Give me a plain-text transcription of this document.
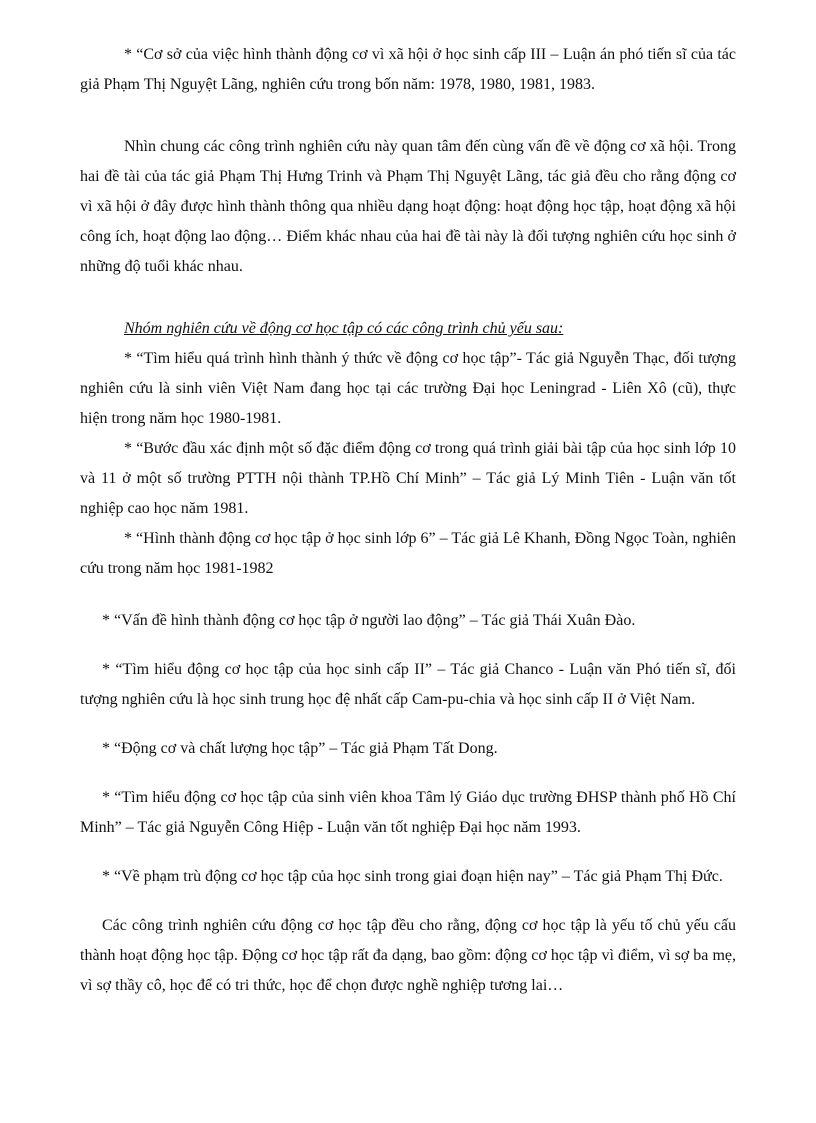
* “Cơ sở của việc hình thành động cơ vì xã hội ở học sinh cấp III – Luận án phó tiến sĩ của tác giả Phạm Thị Nguyệt Lãng, nghiên cứu trong bốn năm: 1978, 1980, 1981, 1983.

Nhìn chung các công trình nghiên cứu này quan tâm đến cùng vấn đề về động cơ xã hội. Trong hai đề tài của tác giả Phạm Thị Hưng Trinh và Phạm Thị Nguyệt Lãng, tác giả đều cho rằng động cơ vì xã hội ở đây được hình thành thông qua nhiều dạng hoạt động: hoạt động học tập, hoạt động xã hội công ích, hoạt động lao động… Điểm khác nhau của hai đề tài này là đối tượng nghiên cứu học sinh ở những độ tuổi khác nhau.

Nhóm nghiên cứu về động cơ học tập có các công trình chủ yếu sau:

* “Tìm hiểu quá trình hình thành ý thức về động cơ học tập”- Tác giả Nguyễn Thạc, đối tượng nghiên cứu là sinh viên Việt Nam đang học tại các trường Đại học Leningrad - Liên Xô (cũ), thực hiện trong năm học 1980-1981.

* “Bước đầu xác định một số đặc điểm động cơ trong quá trình giải bài tập của học sinh lớp 10 và 11 ở một số trường PTTH nội thành TP.Hồ Chí Minh” – Tác giả Lý Minh Tiên - Luận văn tốt nghiệp cao học năm 1981.

* “Hình thành động cơ học tập ở học sinh lớp 6” – Tác giả Lê Khanh, Đồng Ngọc Toàn, nghiên cứu trong năm học 1981-1982

* “Vấn đề hình thành động cơ học tập ở người lao động” – Tác giả Thái Xuân Đào.

* “Tìm hiểu động cơ học tập của học sinh cấp II” – Tác giả Chanco - Luận văn Phó tiến sĩ, đối tượng nghiên cứu là học sinh trung học đệ nhất cấp Cam-pu-chia và học sinh cấp II ở Việt Nam.

* “Động cơ và chất lượng học tập” – Tác giả Phạm Tất Dong.

* “Tìm hiểu động cơ học tập của sinh viên khoa Tâm lý Giáo dục trường ĐHSP thành phố Hồ Chí Minh” – Tác giả Nguyễn Công Hiệp - Luận văn tốt nghiệp Đại học năm 1993.

* “Về phạm trù động cơ học tập của học sinh trong giai đoạn hiện nay” – Tác giả Phạm Thị Đức.

Các công trình nghiên cứu động cơ học tập đều cho rằng, động cơ học tập là yếu tố chủ yếu cấu thành hoạt động học tập. Động cơ học tập rất đa dạng, bao gồm: động cơ học tập vì điểm, vì sợ ba mẹ, vì sợ thầy cô, học để có tri thức, học để chọn được nghề nghiệp tương lai…
